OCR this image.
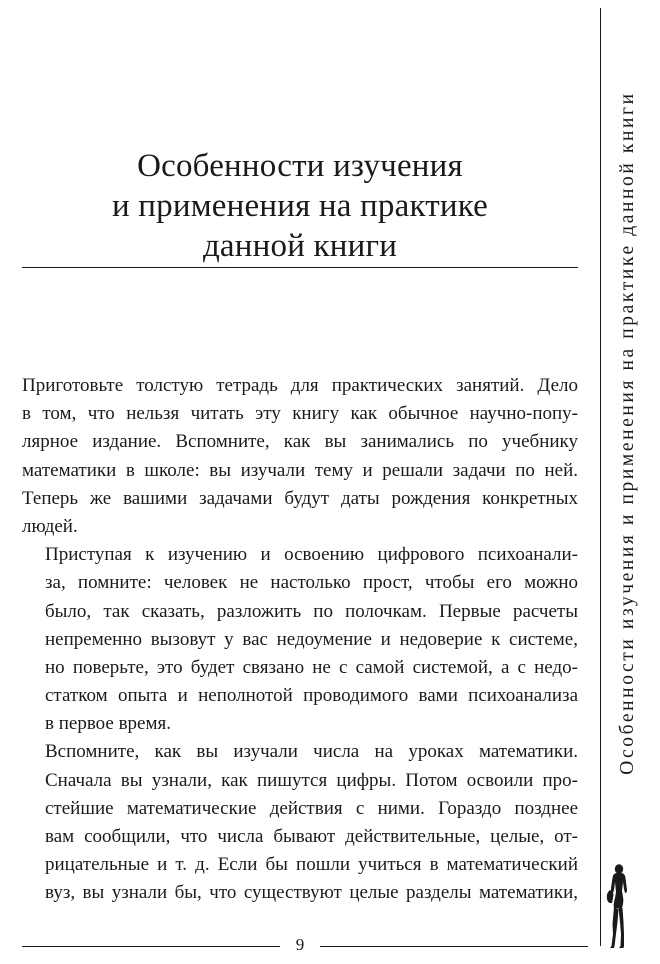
Особенности изучения
и применения на практике
данной книги

Приготовьте толстую тетрадь для практических занятий. Дело
в том, что нельзя читать эту книгу как обычное научно-попу-
лярное издание. Вспомните, как вы занимались по учебнику
математики в школе: вы изучали тему и решали задачи по ней.
Теперь же вашими задачами будут даты рождения конкретных
людей.

Приступая к изучению и освоению цифрового психоанали-
за, помните: человек не настолько прост, чтобы его можно
было, так сказать, разложить по полочкам. Первые расчеты
непременно вызовут у вас недоумение и недоверие к системе,
но поверьте, это будет связано не с самой системой, а с недо-
статком опыта и неполнотой проводимого вами психоанализа
в первое время.

Вспомните, как вы изучали числа на уроках математики.
Сначала вы узнали, как пишутся цифры. Потом освоили про-
стейшие математические действия с ними. Гораздо позднее
вам сообщили, что числа бывают действительные, целые, от-
рицательные и т. д. Если бы пошли учиться в математический
вуз, вы узнали бы, что существуют целые разделы математики,

9
Особенности изучения и применения на практике данной книги
